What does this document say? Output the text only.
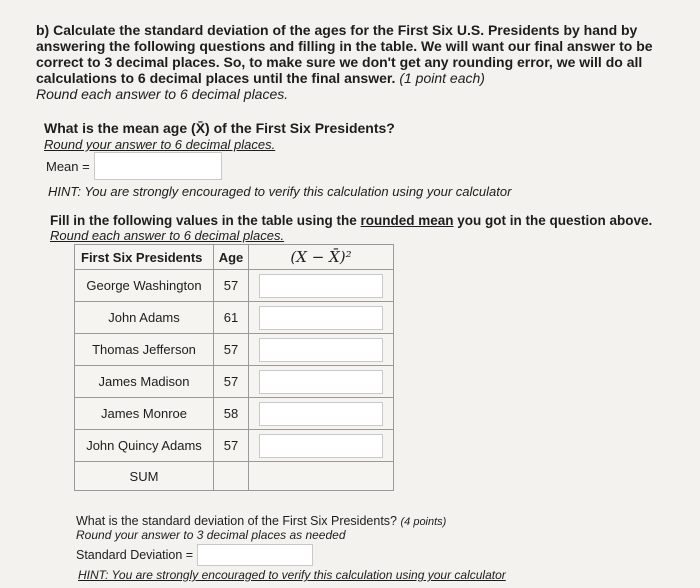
b) Calculate the standard deviation of the ages for the First Six U.S. Presidents by hand by answering the following questions and filling in the table. We will want our final answer to be correct to 3 decimal places. So, to make sure we don't get any rounding error, we will do all calculations to 6 decimal places until the final answer. (1 point each)
Round each answer to 6 decimal places.
What is the mean age (X̄) of the First Six Presidents?
Round your answer to 6 decimal places.
Mean =
HINT: You are strongly encouraged to verify this calculation using your calculator
Fill in the following values in the table using the rounded mean you got in the question above.
Round each answer to 6 decimal places.
First Six Presidents	Age	(X − X̄)²
George Washington	57	

John Adams	61	

Thomas Jefferson	57	

James Madison	57	

James Monroe	58	

John Quincy Adams	57	

SUM		
What is the standard deviation of the First Six Presidents? (4 points)
Round your answer to 3 decimal places as needed
Standard Deviation =
HINT: You are strongly encouraged to verify this calculation using your calculator
